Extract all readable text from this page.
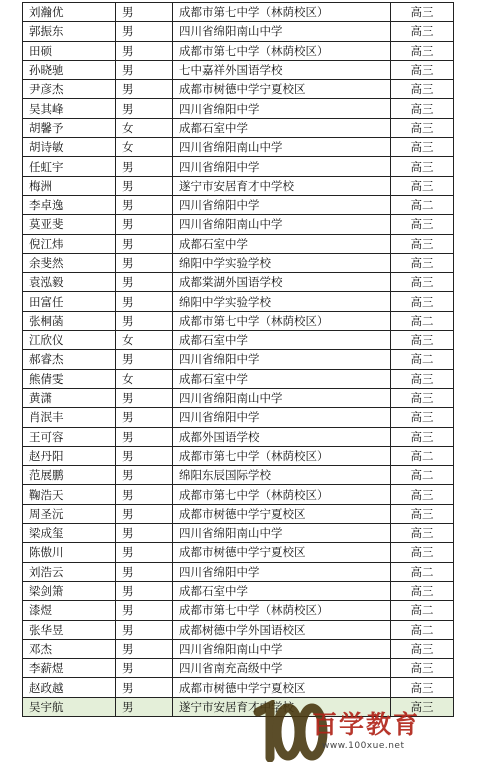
刘瀚优	男	成都市第七中学（林荫校区）	高三
郭振东	男	四川省绵阳南山中学	高三
田硕	男	成都市第七中学（林荫校区）	高三
孙晓驰	男	七中嘉祥外国语学校	高三
尹彦杰	男	成都市树德中学宁夏校区	高三
吴其峰	男	四川省绵阳中学	高三
胡馨予	女	成都石室中学	高三
胡诗敏	女	四川省绵阳南山中学	高三
任虹宇	男	四川省绵阳中学	高三
梅洲	男	遂宁市安居育才中学校	高三
李卓逸	男	四川省绵阳中学	高二
莫亚斐	男	四川省绵阳南山中学	高三
倪江炜	男	成都石室中学	高三
余斐然	男	绵阳中学实验学校	高三
袁泓毅	男	成都棠湖外国语学校	高三
田富任	男	绵阳中学实验学校	高三
张桐菡	男	成都市第七中学（林荫校区）	高二
江欣仪	女	成都石室中学	高三
郝睿杰	男	四川省绵阳中学	高二
熊倩雯	女	成都石室中学	高三
黄潇	男	四川省绵阳南山中学	高三
肖泯丰	男	四川省绵阳中学	高三
王可容	男	成都外国语学校	高三
赵丹阳	男	成都市第七中学（林荫校区）	高二
范展鹏	男	绵阳东辰国际学校	高二
鞠浩天	男	成都市第七中学（林荫校区）	高三
周圣沅	男	成都市树德中学宁夏校区	高三
梁成玺	男	四川省绵阳南山中学	高三
陈傲川	男	成都市树德中学宁夏校区	高三
刘浩云	男	四川省绵阳中学	高二
梁剑箫	男	成都石室中学	高三
漆煜	男	成都市第七中学（林荫校区）	高二
张华昱	男	成都树德中学外国语校区	高二
邓杰	男	四川省绵阳南山中学	高三
李薪煜	男	四川省南充高级中学	高三
赵政越	男	成都市树德中学宁夏校区	高三
吴宇航	男	遂宁市安居育才中学校	高三
百学教育
www.100xue.net
